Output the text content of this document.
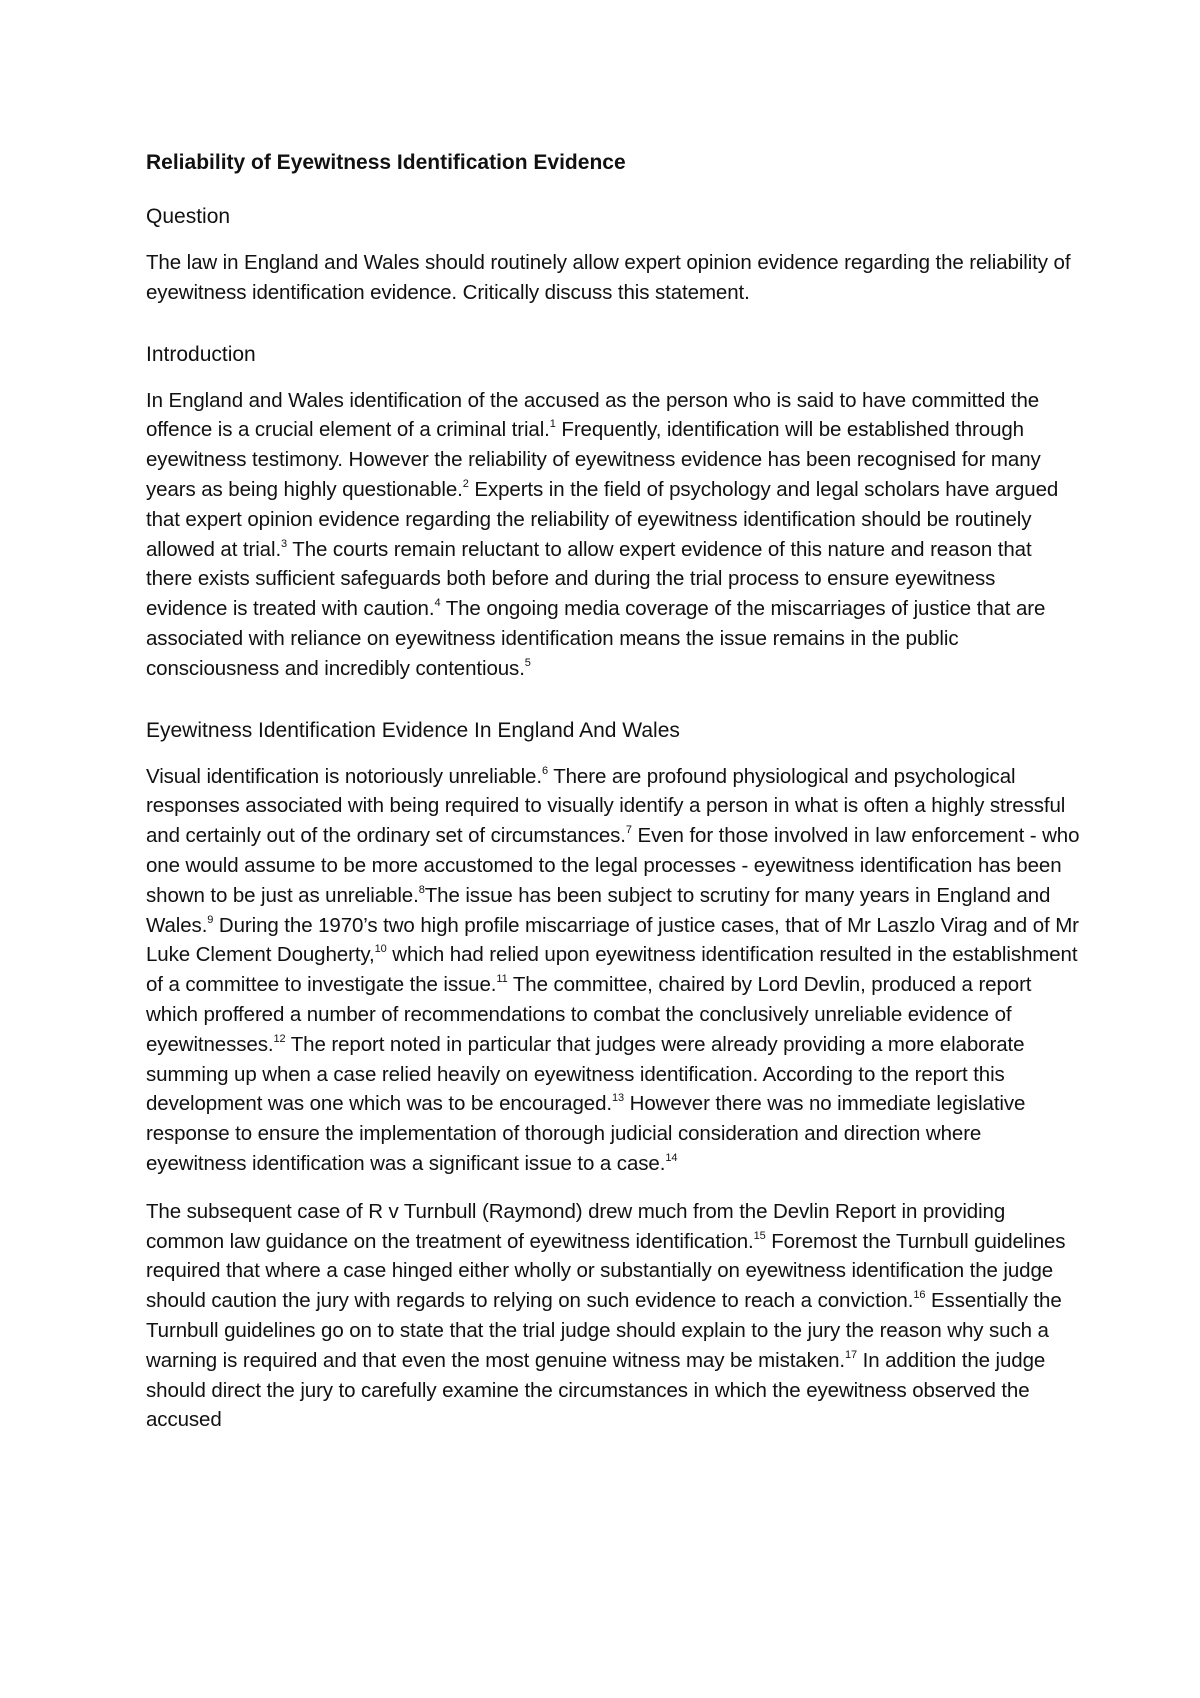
Reliability of Eyewitness Identification Evidence
Question

The law in England and Wales should routinely allow expert opinion evidence regarding the reliability of eyewitness identification evidence. Critically discuss this statement.

Introduction

In England and Wales identification of the accused as the person who is said to have committed the offence is a crucial element of a criminal trial.$^1$ Frequently, identification will be established through eyewitness testimony. However the reliability of eyewitness evidence has been recognised for many years as being highly questionable.$^2$ Experts in the field of psychology and legal scholars have argued that expert opinion evidence regarding the reliability of eyewitness identification should be routinely allowed at trial.$^3$ The courts remain reluctant to allow expert evidence of this nature and reason that there exists sufficient safeguards both before and during the trial process to ensure eyewitness evidence is treated with caution.$^4$ The ongoing media coverage of the miscarriages of justice that are associated with reliance on eyewitness identification means the issue remains in the public consciousness and incredibly contentious.$^5$

Eyewitness Identification Evidence In England And Wales

Visual identification is notoriously unreliable.$^6$ There are profound physiological and psychological responses associated with being required to visually identify a person in what is often a highly stressful and certainly out of the ordinary set of circumstances.$^7$ Even for those involved in law enforcement - who one would assume to be more accustomed to the legal processes - eyewitness identification has been shown to be just as unreliable.$^8$The issue has been subject to scrutiny for many years in England and Wales.$^9$ During the 1970’s two high profile miscarriage of justice cases, that of Mr Laszlo Virag and of Mr Luke Clement Dougherty,$^{10}$ which had relied upon eyewitness identification resulted in the establishment of a committee to investigate the issue.$^{11}$ The committee, chaired by Lord Devlin, produced a report which proffered a number of recommendations to combat the conclusively unreliable evidence of eyewitnesses.$^{12}$ The report noted in particular that judges were already providing a more elaborate summing up when a case relied heavily on eyewitness identification. According to the report this development was one which was to be encouraged.$^{13}$ However there was no immediate legislative response to ensure the implementation of thorough judicial consideration and direction where eyewitness identification was a significant issue to a case.$^{14}$

The subsequent case of R v Turnbull (Raymond) drew much from the Devlin Report in providing common law guidance on the treatment of eyewitness identification.$^{15}$ Foremost the Turnbull guidelines required that where a case hinged either wholly or substantially on eyewitness identification the judge should caution the jury with regards to relying on such evidence to reach a conviction.$^{16}$ Essentially the Turnbull guidelines go on to state that the trial judge should explain to the jury the reason why such a warning is required and that even the most genuine witness may be mistaken.$^{17}$ In addition the judge should direct the jury to carefully examine the circumstances in which the eyewitness observed the accused
